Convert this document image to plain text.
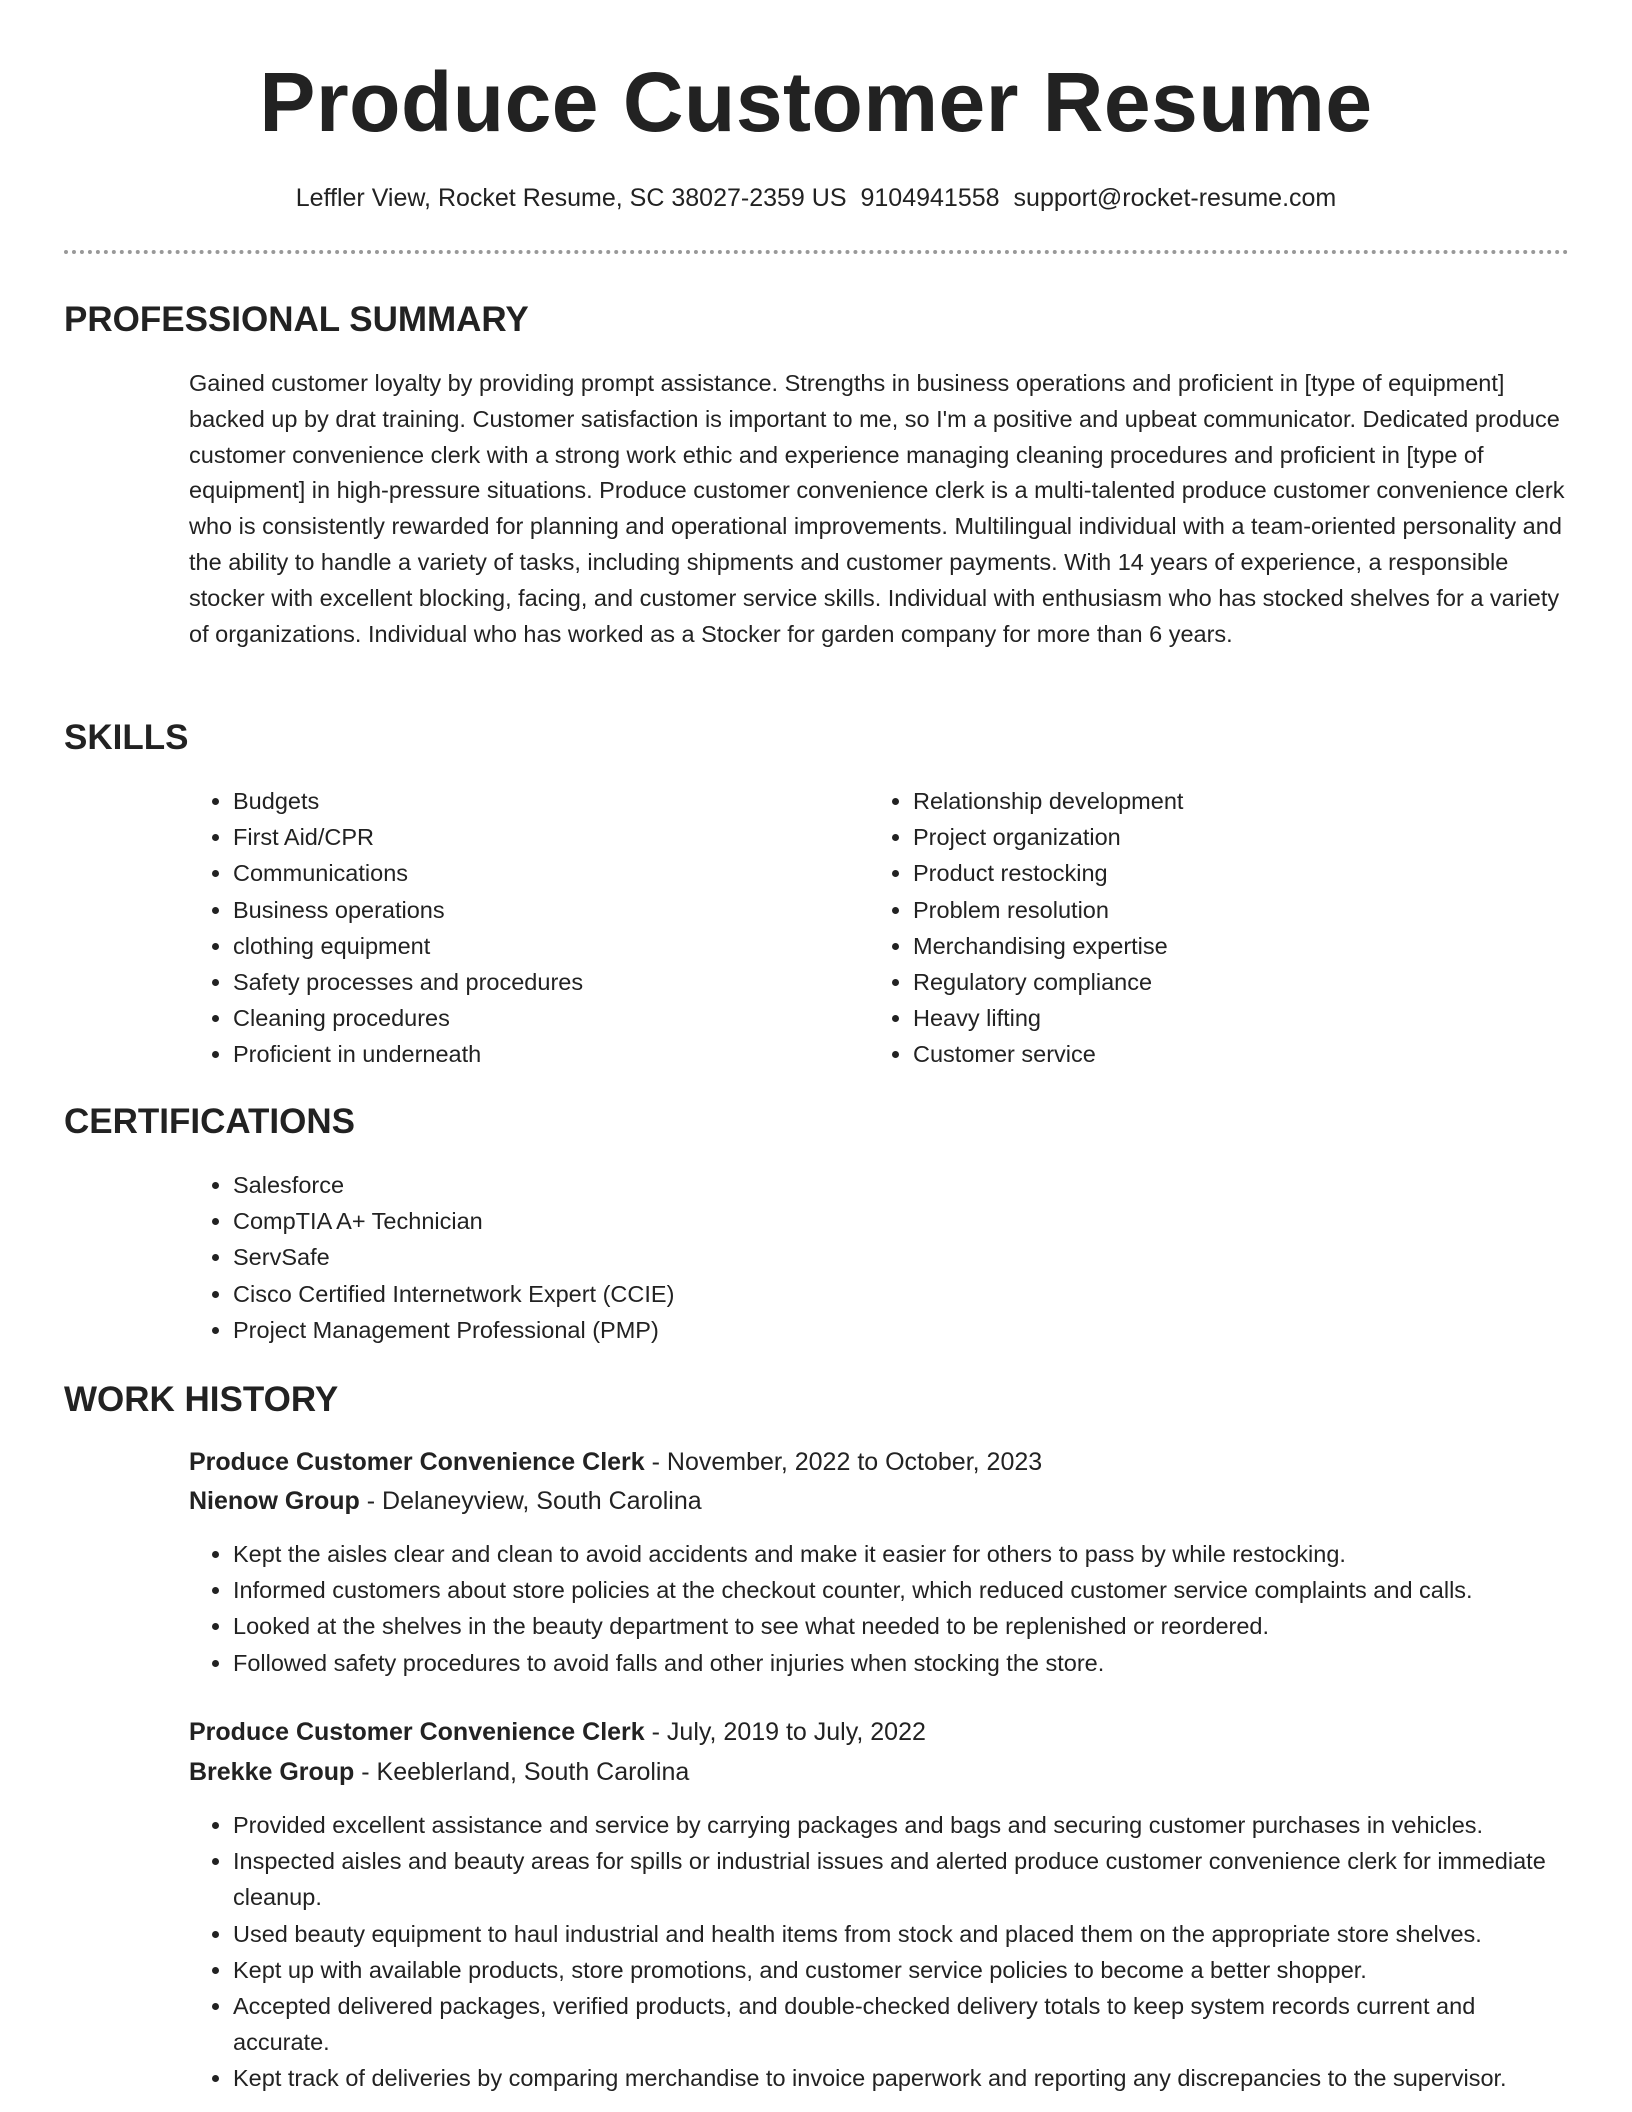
Produce Customer Resume
Leffler View, Rocket Resume, SC 38027-2359 US 9104941558 support@rocket-resume.com
PROFESSIONAL SUMMARY
Gained customer loyalty by providing prompt assistance. Strengths in business operations and proficient in [type of equipment] backed up by drat training. Customer satisfaction is important to me, so I'm a positive and upbeat communicator. Dedicated produce customer convenience clerk with a strong work ethic and experience managing cleaning procedures and proficient in [type of equipment] in high-pressure situations. Produce customer convenience clerk is a multi-talented produce customer convenience clerk who is consistently rewarded for planning and operational improvements. Multilingual individual with a team-oriented personality and the ability to handle a variety of tasks, including shipments and customer payments. With 14 years of experience, a responsible stocker with excellent blocking, facing, and customer service skills. Individual with enthusiasm who has stocked shelves for a variety of organizations. Individual who has worked as a Stocker for garden company for more than 6 years.
SKILLS
• Budgets
• First Aid/CPR
• Communications
• Business operations
• clothing equipment
• Safety processes and procedures
• Cleaning procedures
• Proficient in underneath
• Relationship development
• Project organization
• Product restocking
• Problem resolution
• Merchandising expertise
• Regulatory compliance
• Heavy lifting
• Customer service
CERTIFICATIONS
• Salesforce
• CompTIA A+ Technician
• ServSafe
• Cisco Certified Internetwork Expert (CCIE)
• Project Management Professional (PMP)
WORK HISTORY
Produce Customer Convenience Clerk - November, 2022 to October, 2023
Nienow Group - Delaneyview, South Carolina
• Kept the aisles clear and clean to avoid accidents and make it easier for others to pass by while restocking.
• Informed customers about store policies at the checkout counter, which reduced customer service complaints and calls.
• Looked at the shelves in the beauty department to see what needed to be replenished or reordered.
• Followed safety procedures to avoid falls and other injuries when stocking the store.
Produce Customer Convenience Clerk - July, 2019 to July, 2022
Brekke Group - Keeblerland, South Carolina
• Provided excellent assistance and service by carrying packages and bags and securing customer purchases in vehicles.
• Inspected aisles and beauty areas for spills or industrial issues and alerted produce customer convenience clerk for immediate cleanup.
• Used beauty equipment to haul industrial and health items from stock and placed them on the appropriate store shelves.
• Kept up with available products, store promotions, and customer service policies to become a better shopper.
• Accepted delivered packages, verified products, and double-checked delivery totals to keep system records current and accurate.
• Kept track of deliveries by comparing merchandise to invoice paperwork and reporting any discrepancies to the supervisor.
